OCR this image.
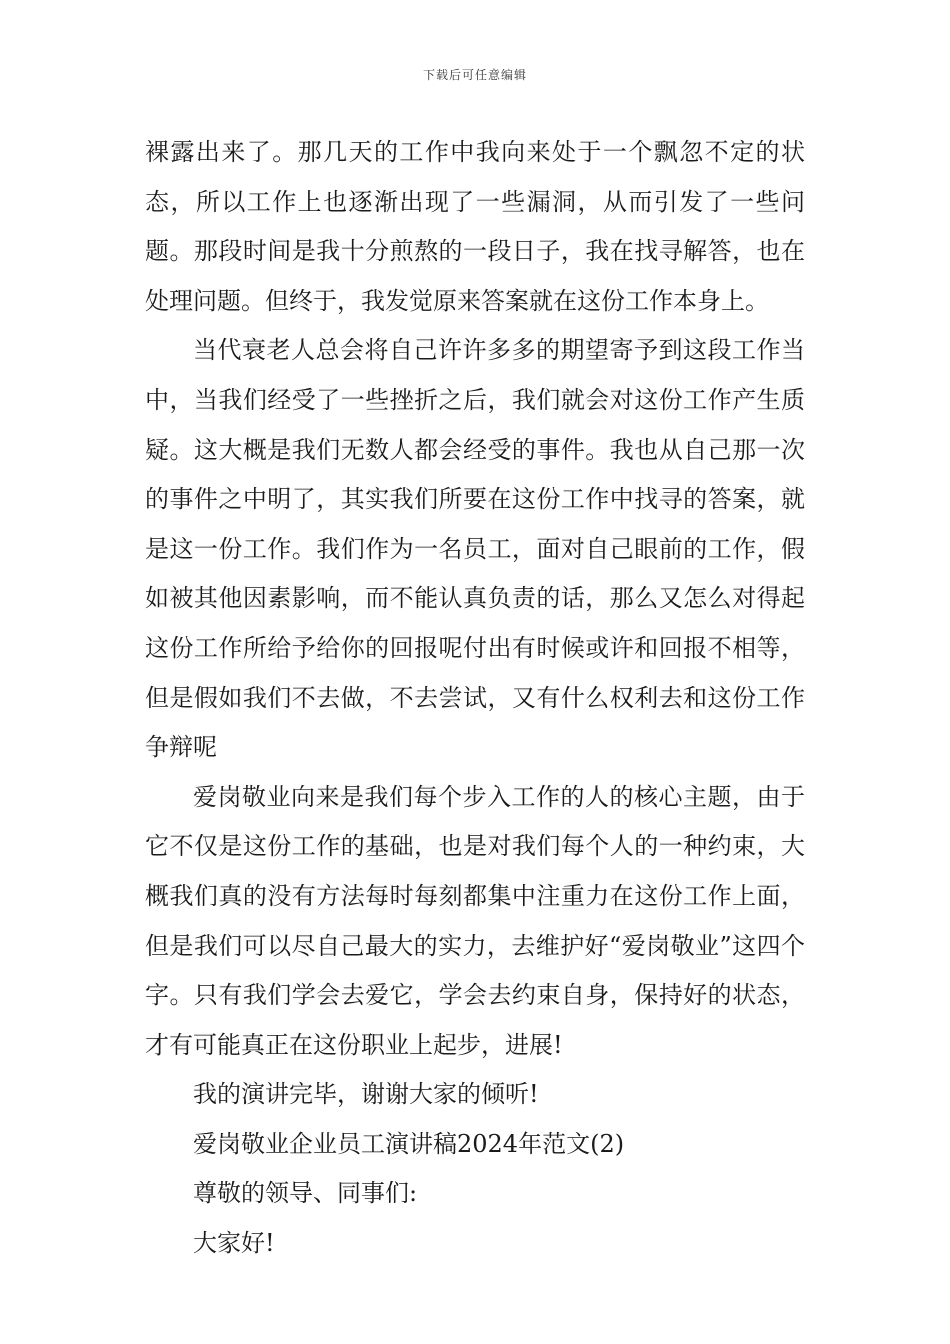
下载后可任意编辑

裸露出来了。那几天的工作中我向来处于一个飘忽不定的状态，所以工作上也逐渐出现了一些漏洞，从而引发了一些问题。那段时间是我十分煎熬的一段日子，我在找寻解答，也在处理问题。但终于，我发觉原来答案就在这份工作本身上。

当代衰老人总会将自己许许多多的期望寄予到这段工作当中，当我们经受了一些挫折之后，我们就会对这份工作产生质疑。这大概是我们无数人都会经受的事件。我也从自己那一次的事件之中明了，其实我们所要在这份工作中找寻的答案，就是这一份工作。我们作为一名员工，面对自己眼前的工作，假如被其他因素影响，而不能认真负责的话，那么又怎么对得起这份工作所给予给你的回报呢付出有时候或许和回报不相等，但是假如我们不去做，不去尝试，又有什么权利去和这份工作争辩呢

爱岗敬业向来是我们每个步入工作的人的核心主题，由于它不仅是这份工作的基础，也是对我们每个人的一种约束，大概我们真的没有方法每时每刻都集中注重力在这份工作上面，但是我们可以尽自己最大的实力，去维护好“爱岗敬业”这四个字。只有我们学会去爱它，学会去约束自身，保持好的状态，才有可能真正在这份职业上起步，进展!

我的演讲完毕，谢谢大家的倾听!

爱岗敬业企业员工演讲稿2024年范文(2)

尊敬的领导、同事们:

大家好!
